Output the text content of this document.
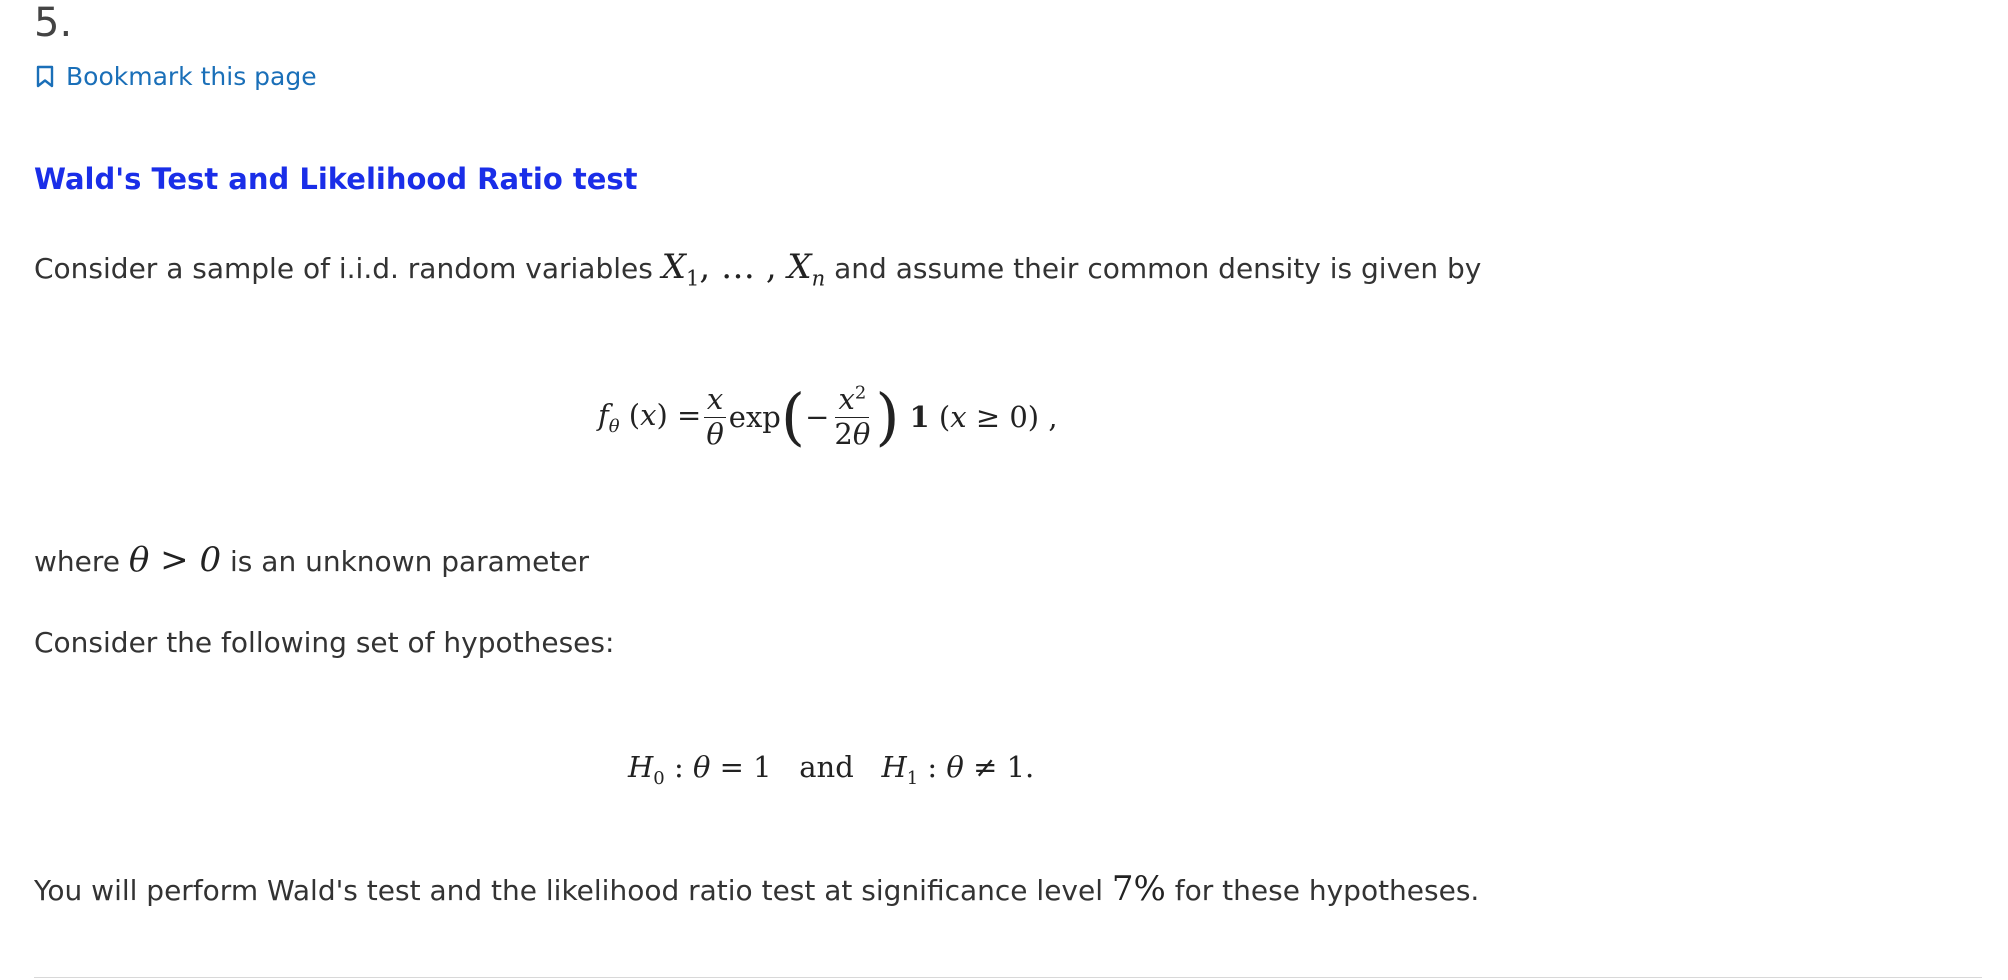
5.
Bookmark this page
Wald's Test and Likelihood Ratio test
Consider a sample of i.i.d. random variables $X_1$, … , $X_n$ and assume their common density is given by
$f_\theta$ $(x) = \frac{x}{\theta}$ exp ( − $\frac{x^2}{2\theta}$ ) 1 (x ≥ 0) ,
where θ > 0 is an unknown parameter
Consider the following set of hypotheses:
$H_0$ : θ = 1   and   $H_1$ : θ ≠ 1.
You will perform Wald's test and the likelihood ratio test at significance level 7% for these hypotheses.
